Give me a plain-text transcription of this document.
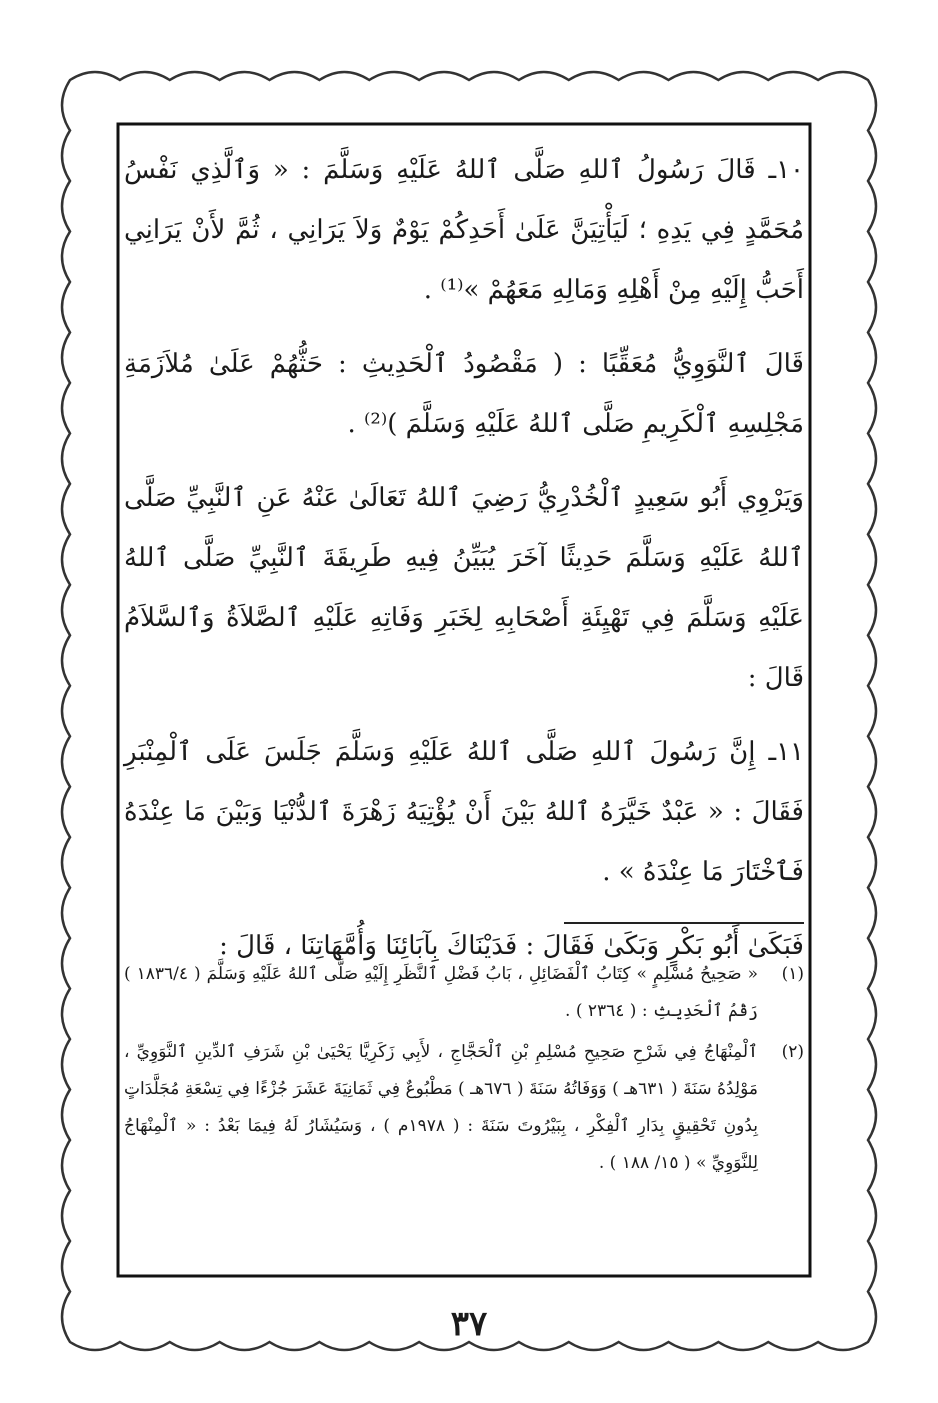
١٠ـ قَالَ رَسُولُ ٱللهِ صَلَّى ٱللهُ عَلَيْهِ وَسَلَّمَ : « وَٱلَّذِي نَفْسُ مُحَمَّدٍ فِي يَدِهِ ؛ لَيَأْتِيَنَّ عَلَىٰ أَحَدِكُمْ يَوْمٌ وَلاَ يَرَانِي ، ثُمَّ لأَنْ يَرَانِي أَحَبُّ إِلَيْهِ مِنْ أَهْلِهِ وَمَالِهِ مَعَهُمْ »⁽¹⁾ .

قَالَ ٱلنَّوَوِيُّ مُعَقِّبًا : ( مَقْصُودُ ٱلْحَدِيثِ : حَثُّهُمْ عَلَىٰ مُلاَزَمَةِ مَجْلِسِهِ ٱلْكَرِيمِ صَلَّى ٱللهُ عَلَيْهِ وَسَلَّمَ )⁽²⁾ .

وَيَرْوِي أَبُو سَعِيدٍ ٱلْخُدْرِيُّ رَضِيَ ٱللهُ تَعَالَىٰ عَنْهُ عَنِ ٱلنَّبِيِّ صَلَّى ٱللهُ عَلَيْهِ وَسَلَّمَ حَدِيثًا آخَرَ يُبَيِّنُ فِيهِ طَرِيقَةَ ٱلنَّبِيِّ صَلَّى ٱللهُ عَلَيْهِ وَسَلَّمَ فِي تَهْيِئَةِ أَصْحَابِهِ لِخَبَرِ وَفَاتِهِ عَلَيْهِ ٱلصَّلاَةُ وَٱلسَّلاَمُ قَالَ :

١١ـ إِنَّ رَسُولَ ٱللهِ صَلَّى ٱللهُ عَلَيْهِ وَسَلَّمَ جَلَسَ عَلَى ٱلْمِنْبَرِ فَقَالَ : « عَبْدٌ خَيَّرَهُ ٱللهُ بَيْنَ أَنْ يُؤْتِيَهُ زَهْرَةَ ٱلدُّنْيَا وَبَيْنَ مَا عِنْدَهُ فَٱخْتَارَ مَا عِنْدَهُ » .

فَبَكَىٰ أَبُو بَكْرٍ وَبَكَىٰ فَقَالَ : فَدَيْنَاكَ بِآبَائِنَا وَأُمَّهَاتِنَا ، قَالَ :

(١)
« صَحِيحُ مُسْلِمٍ » كِتَابُ ٱلْفَضَائِلِ ، بَابُ فَضْلِ ٱلنَّظَرِ إِلَيْهِ صَلَّى ٱللهُ عَلَيْهِ وَسَلَّمَ ( ١٨٣٦/٤ ) رَقْمُ ٱلْحَدِيثِ : ( ٢٣٦٤ ) .
(٢)
ٱلْمِنْهَاجُ فِي شَرْحِ صَحِيحِ مُسْلِمِ بْنِ ٱلْحَجَّاجِ ، لأَبِي زَكَرِيَّا يَحْيَىٰ بْنِ شَرَفِ ٱلدِّينِ ٱلنَّوَوِيِّ ، مَوْلِدُهُ سَنَةَ ( ٦٣١هـ ) وَوَفَاتُهُ سَنَةَ ( ٦٧٦هـ ) مَطْبُوعٌ فِي ثَمَانِيَةَ عَشَرَ جُزْءًا فِي تِسْعَةِ مُجَلَّدَاتٍ بِدُونِ تَحْقِيقٍ بِدَارِ ٱلْفِكْرِ ، بِبَيْرُوتَ سَنَةَ : ( ١٩٧٨م ) ، وَسَيُشَارُ لَهُ فِيمَا بَعْدُ : « ٱلْمِنْهَاجُ لِلنَّوَوِيِّ » ( ١٥/ ١٨٨ ) .
٣٧
